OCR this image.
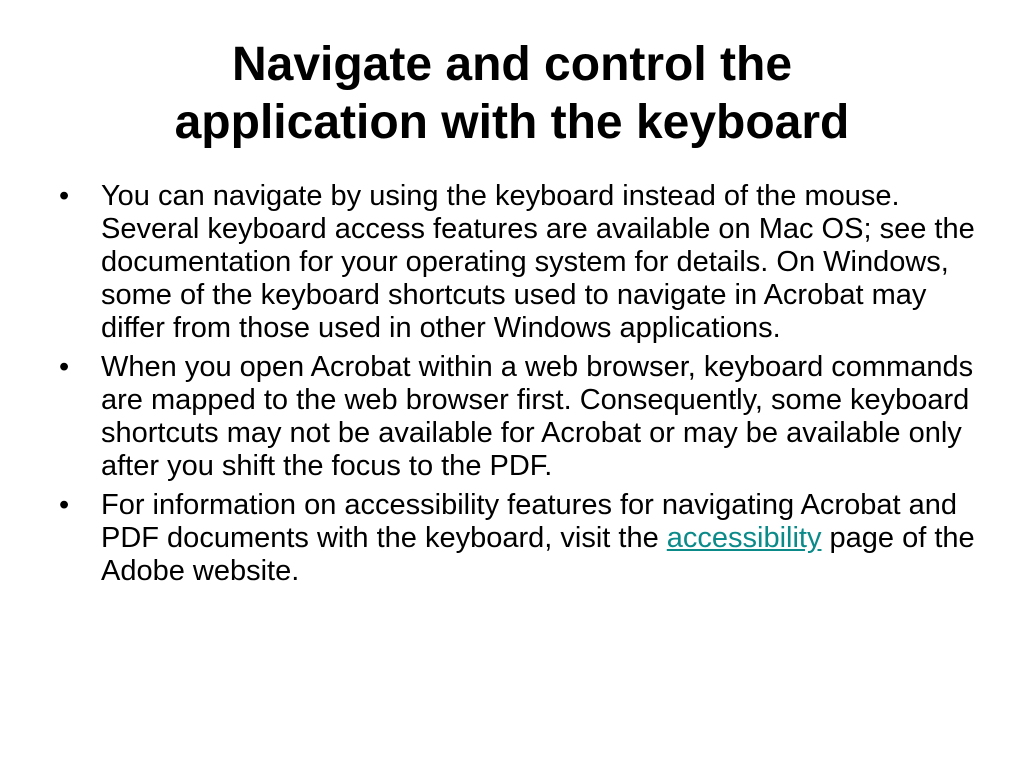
Navigate and control the
application with the keyboard
• You can navigate by using the keyboard instead of the mouse. Several keyboard access features are available on Mac OS; see the documentation for your operating system for details. On Windows, some of the keyboard shortcuts used to navigate in Acrobat may differ from those used in other Windows applications.
• When you open Acrobat within a web browser, keyboard commands are mapped to the web browser first. Consequently, some keyboard shortcuts may not be available for Acrobat or may be available only after you shift the focus to the PDF.
• For information on accessibility features for navigating Acrobat and PDF documents with the keyboard, visit the accessibility page of the Adobe website.
